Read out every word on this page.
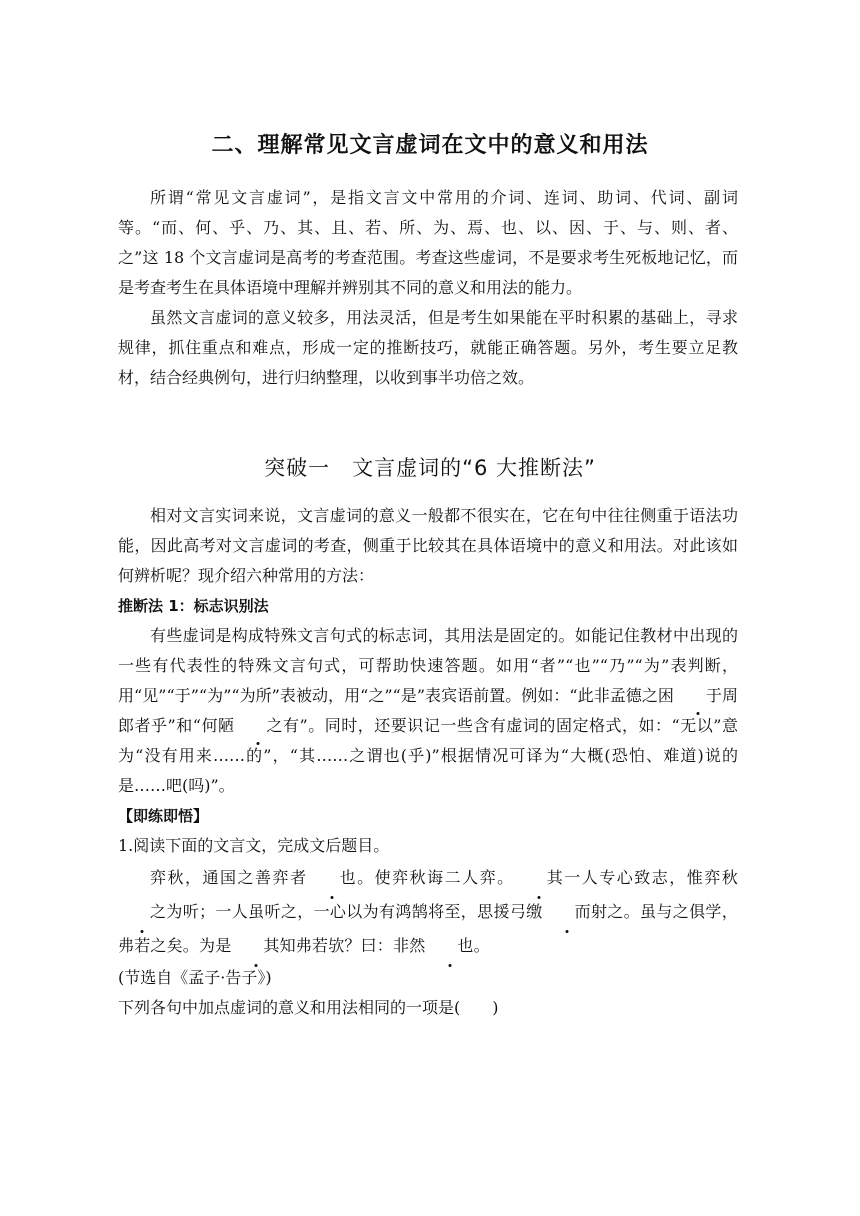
二、理解常见文言虚词在文中的意义和用法

所谓“常见文言虚词”，是指文言文中常用的介词、连词、助词、代词、副词等。“而、何、乎、乃、其、且、若、所、为、焉、也、以、因、于、与、则、者、之”这 18 个文言虚词是高考的考查范围。考查这些虚词，不是要求考生死板地记忆，而是考查考生在具体语境中理解并辨别其不同的意义和用法的能力。

虽然文言虚词的意义较多，用法灵活，但是考生如果能在平时积累的基础上，寻求规律，抓住重点和难点，形成一定的推断技巧，就能正确答题。另外，考生要立足教材，结合经典例句，进行归纳整理，以收到事半功倍之效。

突破一　文言虚词的“6 大推断法”

相对文言实词来说，文言虚词的意义一般都不很实在，它在句中往往侧重于语法功能，因此高考对文言虚词的考查，侧重于比较其在具体语境中的意义和用法。对此该如何辨析呢？现介绍六种常用的方法：

推断法 1：标志识别法

有些虚词是构成特殊文言句式的标志词，其用法是固定的。如能记住教材中出现的一些有代表性的特殊文言句式，可帮助快速答题。如用“者”“也”“乃”“为”表判断，用“见”“于”“为”“为所”表被动，用“之”“是”表宾语前置。例如：“此非孟德之困 于周郎者乎”和“何陋 之有”。同时，还要识记一些含有虚词的固定格式，如：“无以”意为“没有用来……的”，“其……之谓也(乎)”根据情况可译为“大概(恐怕、难道)说的是……吧(吗)”。

【即练即悟】

1.阅读下面的文言文，完成文后题目。

弈秋，通国之善弈者 也。使弈秋诲二人弈。 其一人专心致志，惟弈秋之为听；一人虽听之，一心以为有鸿鹄将至，思援弓缴 而射之。虽与之俱学，弗若之矣。为是 其知弗若欤？曰：非然 也。

(节选自《孟子·告子》)

下列各句中加点虚词的意义和用法相同的一项是(　　)
